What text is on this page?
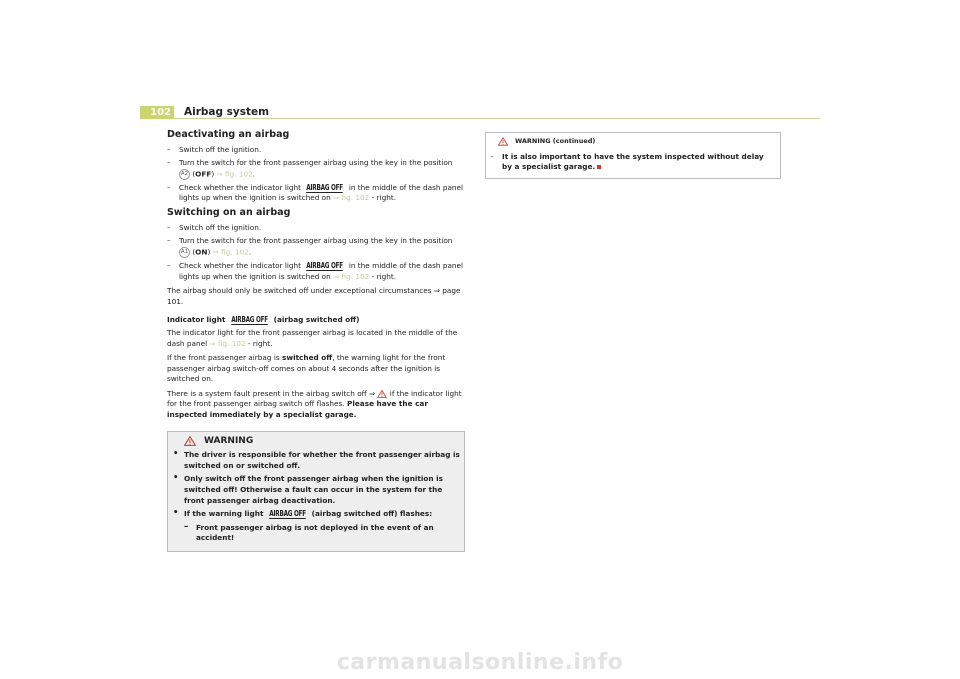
102 Airbag system
Deactivating an airbag
– Switch off the ignition.
– Turn the switch for the front passenger airbag using the key in the position A2 (OFF) ⇒ fig. 102.
– Check whether the indicator light AIRBAG OFF in the middle of the dash panel lights up when the ignition is switched on ⇒ fig. 102 - right.
Switching on an airbag
– Switch off the ignition.
– Turn the switch for the front passenger airbag using the key in the position A1 (ON) ⇒ fig. 102.
– Check whether the indicator light AIRBAG OFF in the middle of the dash panel lights up when the ignition is switched on ⇒ fig. 102 - right.

The airbag should only be switched off under exceptional circumstances ⇒ page 101.

Indicator light AIRBAG OFF (airbag switched off)

The indicator light for the front passenger airbag is located in the middle of the dash panel ⇒ fig. 102 - right.

If the front passenger airbag is switched off, the warning light for the front passenger airbag switch-off comes on about 4 seconds after the ignition is switched on.

There is a system fault present in the airbag switch off ⇒  if the indicator light for the front passenger airbag switch off flashes. Please have the car inspected immediately by a specialist garage.

WARNING
• The driver is responsible for whether the front passenger airbag is switched on or switched off.
• Only switch off the front passenger airbag when the ignition is switched off! Otherwise a fault can occur in the system for the front passenger airbag deactivation.
• If the warning light AIRBAG OFF (airbag switched off) flashes:
– Front passenger airbag is not deployed in the event of an accident!
WARNING (continued)
– It is also important to have the system inspected without delay by a specialist garage.
carmanualsonline.info
